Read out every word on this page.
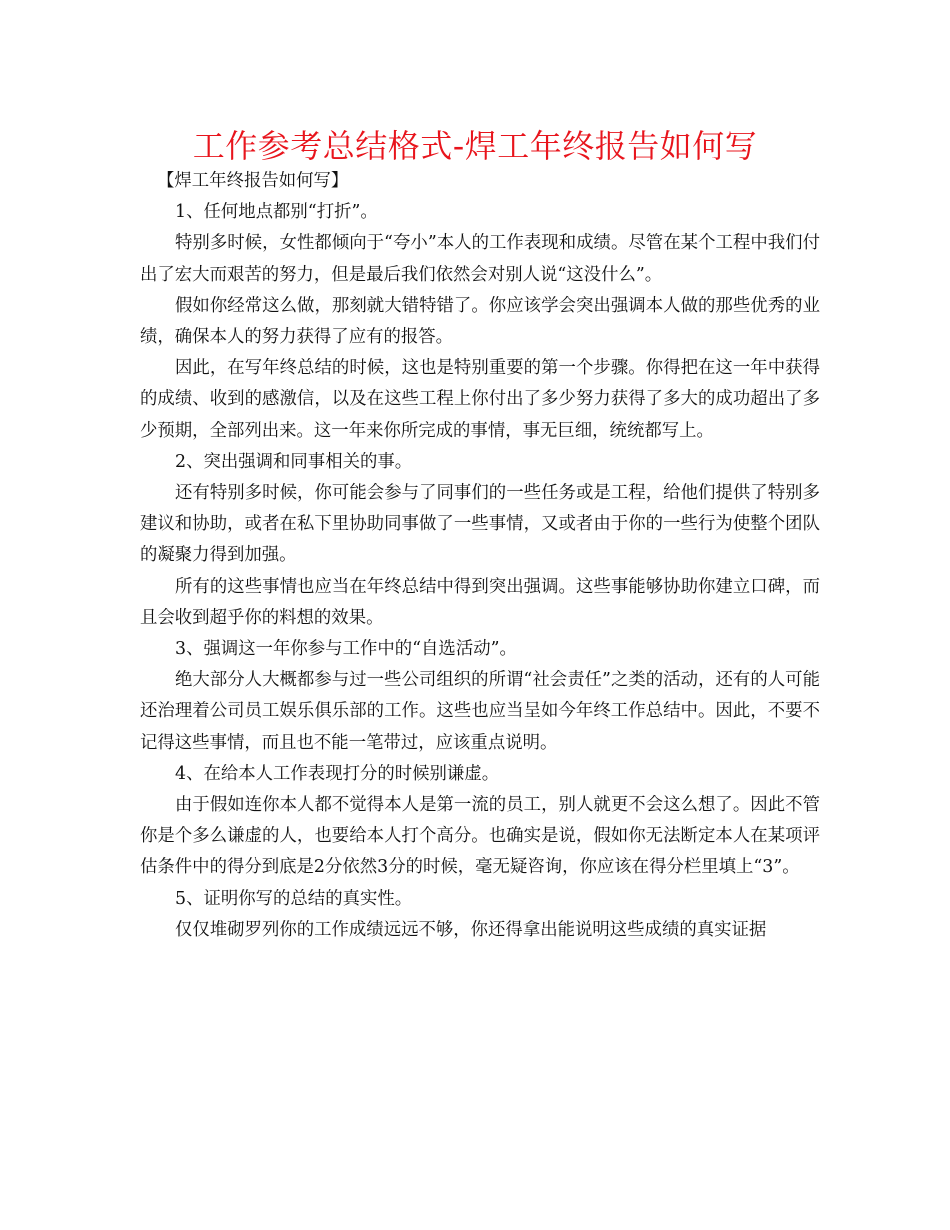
工作参考总结格式-焊工年终报告如何写

【焊工年终报告如何写】

1、任何地点都别“打折”。

特别多时候，女性都倾向于“夸小”本人的工作表现和成绩。尽管在某个工程中我们付出了宏大而艰苦的努力，但是最后我们依然会对别人说“这没什么”。

假如你经常这么做，那刻就大错特错了。你应该学会突出强调本人做的那些优秀的业绩，确保本人的努力获得了应有的报答。

因此，在写年终总结的时候，这也是特别重要的第一个步骤。你得把在这一年中获得的成绩、收到的感激信，以及在这些工程上你付出了多少努力获得了多大的成功超出了多少预期，全部列出来。这一年来你所完成的事情，事无巨细，统统都写上。

2、突出强调和同事相关的事。

还有特别多时候，你可能会参与了同事们的一些任务或是工程，给他们提供了特别多建议和协助，或者在私下里协助同事做了一些事情，又或者由于你的一些行为使整个团队的凝聚力得到加强。

所有的这些事情也应当在年终总结中得到突出强调。这些事能够协助你建立口碑，而且会收到超乎你的料想的效果。

3、强调这一年你参与工作中的“自选活动”。

绝大部分人大概都参与过一些公司组织的所谓“社会责任”之类的活动，还有的人可能还治理着公司员工娱乐俱乐部的工作。这些也应当呈如今年终工作总结中。因此，不要不记得这些事情，而且也不能一笔带过，应该重点说明。

4、在给本人工作表现打分的时候别谦虚。

由于假如连你本人都不觉得本人是第一流的员工，别人就更不会这么想了。因此不管你是个多么谦虚的人，也要给本人打个高分。也确实是说，假如你无法断定本人在某项评估条件中的得分到底是2分依然3分的时候，毫无疑咨询，你应该在得分栏里填上“3”。

5、证明你写的总结的真实性。

仅仅堆砌罗列你的工作成绩远远不够，你还得拿出能说明这些成绩的真实证据
